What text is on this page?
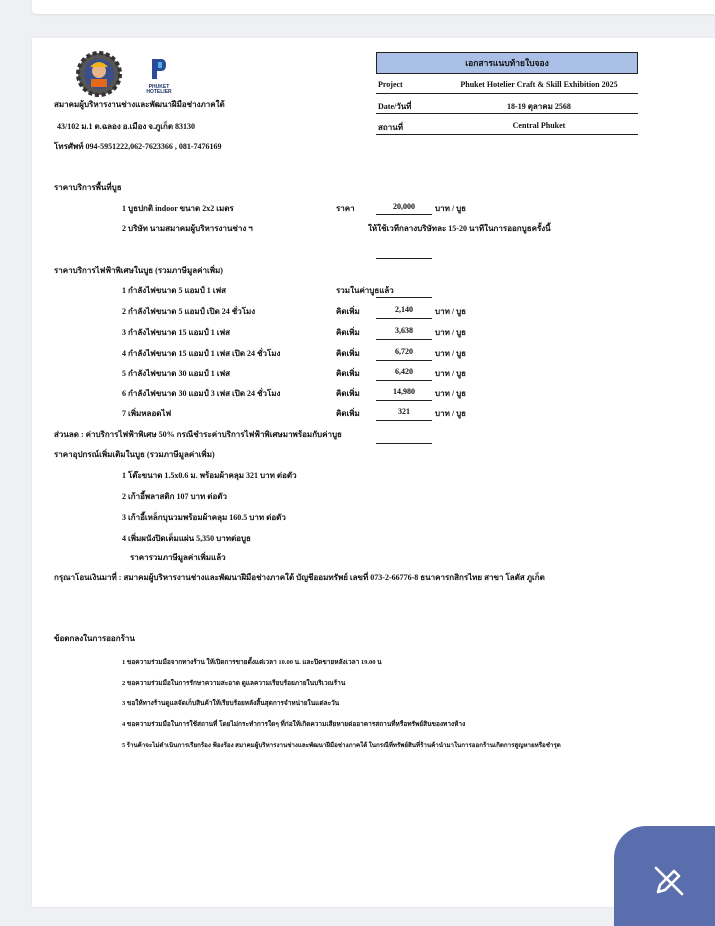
PHUKET
HOTELIER
สมาคมผู้บริหารงานช่างและพัฒนาฝีมือช่างภาคใต้
43/102 ม.1 ต.ฉลอง อ.เมือง จ.ภูเก็ต 83130
โทรศัพท์ 094-5951222,062-7623366 , 081-7476169
เอกสารแนบท้ายใบจอง
Project	Phuket Hotelier Craft & Skill Exhibition 2025
Date/วันที่	18-19 ตุลาคม 2568
สถานที่	Central Phuket
ราคาบริการพื้นที่บูธ
1 บูธปกติ indoor ขนาด 2x2 เมตร	ราคา	20,000	บาท / บูธ
2 บริษัท นามสมาคมผู้บริหารงานช่าง ฯ	ให้ใช้เวทีกลางบริษัทละ 15-20 นาทีในการออกบูธครั้งนี้
ราคาบริการไฟฟ้าพิเศษในบูธ (รวมภาษีมูลค่าเพิ่ม)
1 กำลังไฟขนาด 5 แอมป์ 1 เฟส	รวมในค่าบูธแล้ว
2 กำลังไฟขนาด 5 แอมป์ เปิด 24 ชั่วโมง	คิดเพิ่ม	2,140	บาท / บูธ
3 กำลังไฟขนาด 15 แอมป์ 1 เฟส	คิดเพิ่ม	3,638	บาท / บูธ
4 กำลังไฟขนาด 15 แอมป์ 1 เฟส เปิด 24 ชั่วโมง	คิดเพิ่ม	6,720	บาท / บูธ
5 กำลังไฟขนาด 30 แอมป์ 1 เฟส	คิดเพิ่ม	6,420	บาท / บูธ
6 กำลังไฟขนาด 30 แอมป์ 3 เฟส เปิด 24 ชั่วโมง	คิดเพิ่ม	14,980	บาท / บูธ
7 เพิ่มหลอดไฟ	คิดเพิ่ม	321	บาท / บูธ
ส่วนลด : ค่าบริการไฟฟ้าพิเศษ 50% กรณีชำระค่าบริการไฟฟ้าพิเศษมาพร้อมกับค่าบูธ
ราคาอุปกรณ์เพิ่มเติมในบูธ (รวมภาษีมูลค่าเพิ่ม)
1 โต๊ะขนาด 1.5x0.6 ม. พร้อมผ้าคลุม 321 บาท ต่อตัว
2 เก้าอี้พลาสติก 107 บาท ต่อตัว
3 เก้าอี้เหล็กบุนวมพร้อมผ้าคลุม 160.5 บาท ต่อตัว
4 เพิ่มผนังปิดเต็มแผ่น 5,350 บาทต่อบูธ
ราคารวมภาษีมูลค่าเพิ่มแล้ว
กรุณาโอนเงินมาที่ : สมาคมผู้บริหารงานช่างและพัฒนาฝีมือช่างภาคใต้ บัญชีออมทรัพย์ เลขที่ 073-2-66776-8 ธนาคารกสิกรไทย สาขา โลตัส ภูเก็ต
ข้อตกลงในการออกร้าน
1 ขอความร่วมมือจากทางร้าน ให้เปิดการขายตั้งแต่เวลา 10.00 น. และปิดขายหลังเวลา 19.00 น
2 ขอความร่วมมือในการรักษาความสะอาด ดูแลความเรียบร้อยภายในบริเวณร้าน
3 ขอให้ทางร้านดูแลจัดเก็บสินค้าให้เรียบร้อยหลังสิ้นสุดการจำหน่ายในแต่ละวัน
4 ขอความร่วมมือในการใช้สถานที่ โดยไม่กระทำการใดๆ ที่ก่อให้เกิดความเสียหายต่ออาคารสถานที่หรือทรัพย์สินของทางห้าง
5 ร้านค้าจะไม่ดำเนินการเรียกร้อง ฟ้องร้อง สมาคมผู้บริหารงานช่างและพัฒนาฝีมือช่างภาคใต้ ในกรณีที่ทรัพย์สินที่ร้านค้านำมาในการออกร้านเกิดการสูญหายหรือชำรุด
